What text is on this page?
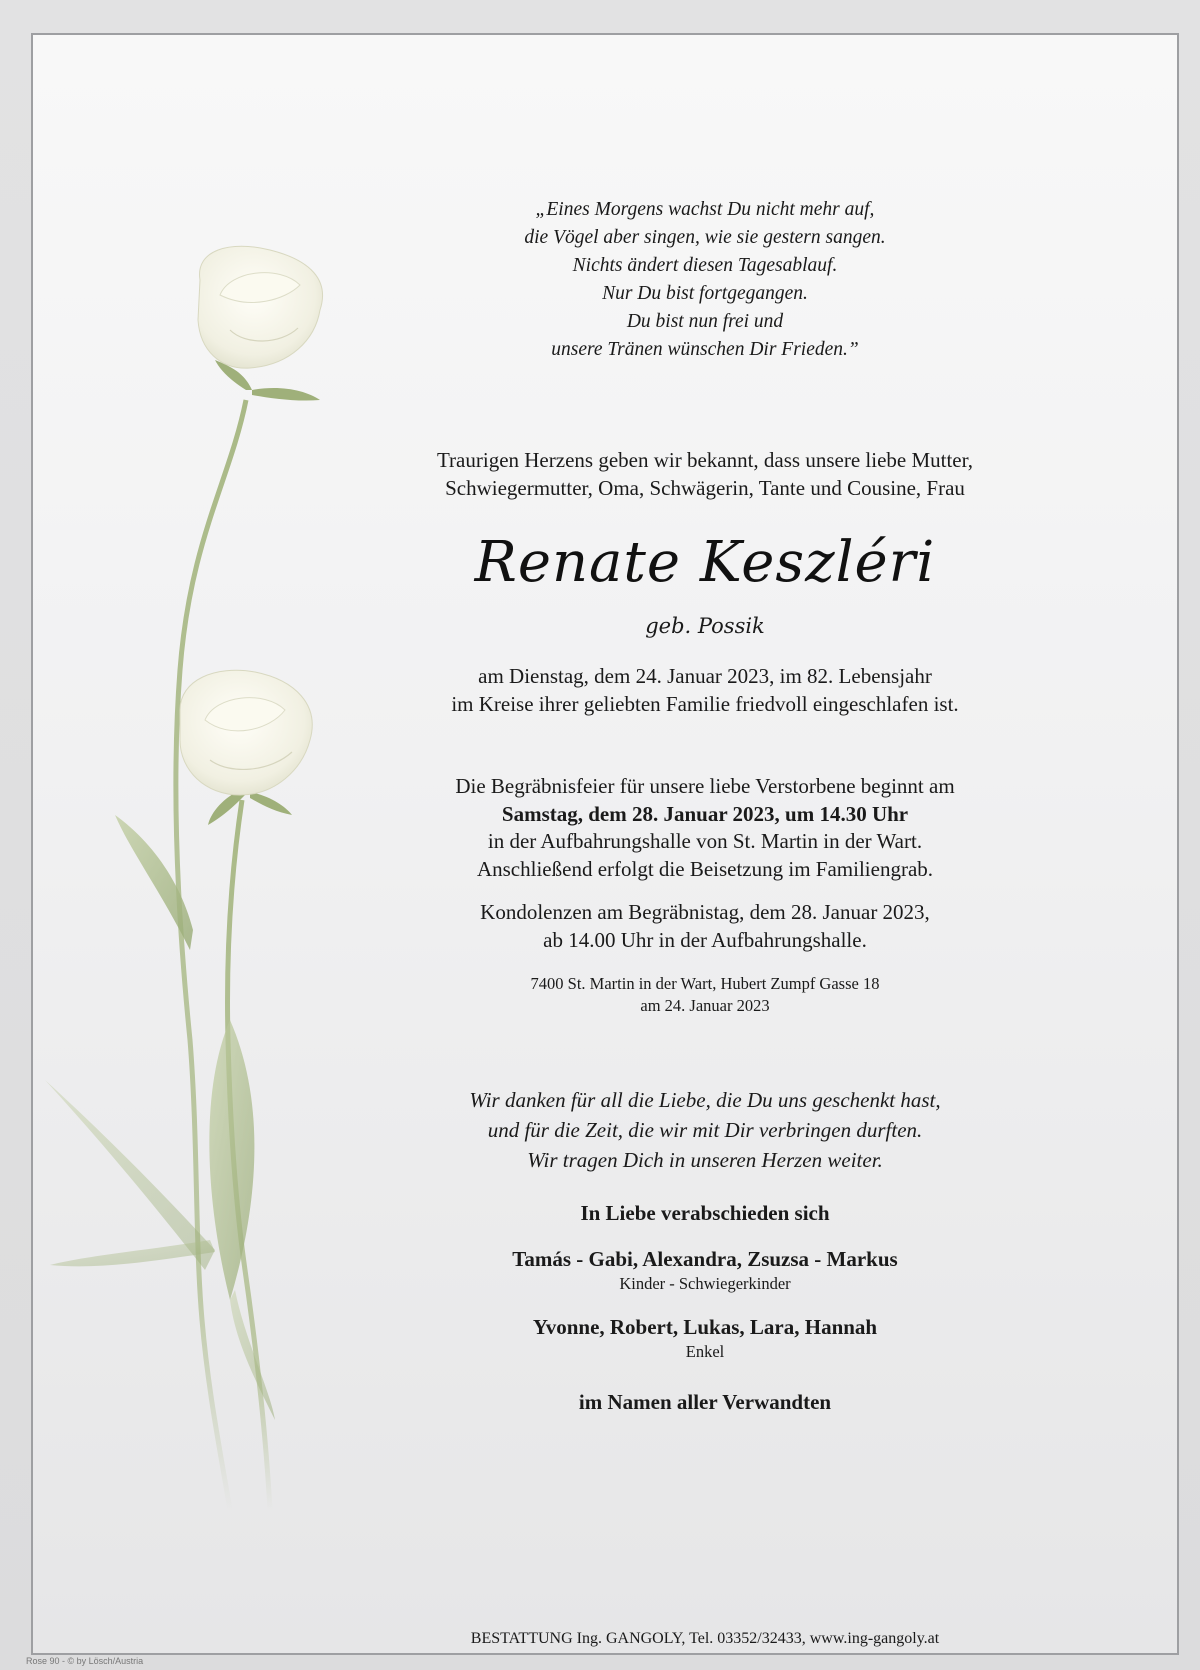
„Eines Morgens wachst Du nicht mehr auf,
die Vögel aber singen, wie sie gestern sangen.
Nichts ändert diesen Tagesablauf.
Nur Du bist fortgegangen.
Du bist nun frei und
unsere Tränen wünschen Dir Frieden.”
Traurigen Herzens geben wir bekannt, dass unsere liebe Mutter,
Schwiegermutter, Oma, Schwägerin, Tante und Cousine, Frau
Renate Keszléri
geb. Possik
am Dienstag, dem 24. Januar 2023, im 82. Lebensjahr
im Kreise ihrer geliebten Familie friedvoll eingeschlafen ist.
Die Begräbnisfeier für unsere liebe Verstorbene beginnt am
Samstag, dem 28. Januar 2023, um 14.30 Uhr
in der Aufbahrungshalle von St. Martin in der Wart.
Anschließend erfolgt die Beisetzung im Familiengrab.
Kondolenzen am Begräbnistag, dem 28. Januar 2023,
ab 14.00 Uhr in der Aufbahrungshalle.
7400 St. Martin in der Wart, Hubert Zumpf Gasse 18
am 24. Januar 2023
Wir danken für all die Liebe, die Du uns geschenkt hast,
und für die Zeit, die wir mit Dir verbringen durften.
Wir tragen Dich in unseren Herzen weiter.
In Liebe verabschieden sich
Tamás - Gabi, Alexandra, Zsuzsa - Markus
Kinder - Schwiegerkinder
Yvonne, Robert, Lukas, Lara, Hannah
Enkel
im Namen aller Verwandten
BESTATTUNG Ing. GANGOLY, Tel. 03352/32433, www.ing-gangoly.at
Rose 90 - © by Lösch/Austria
